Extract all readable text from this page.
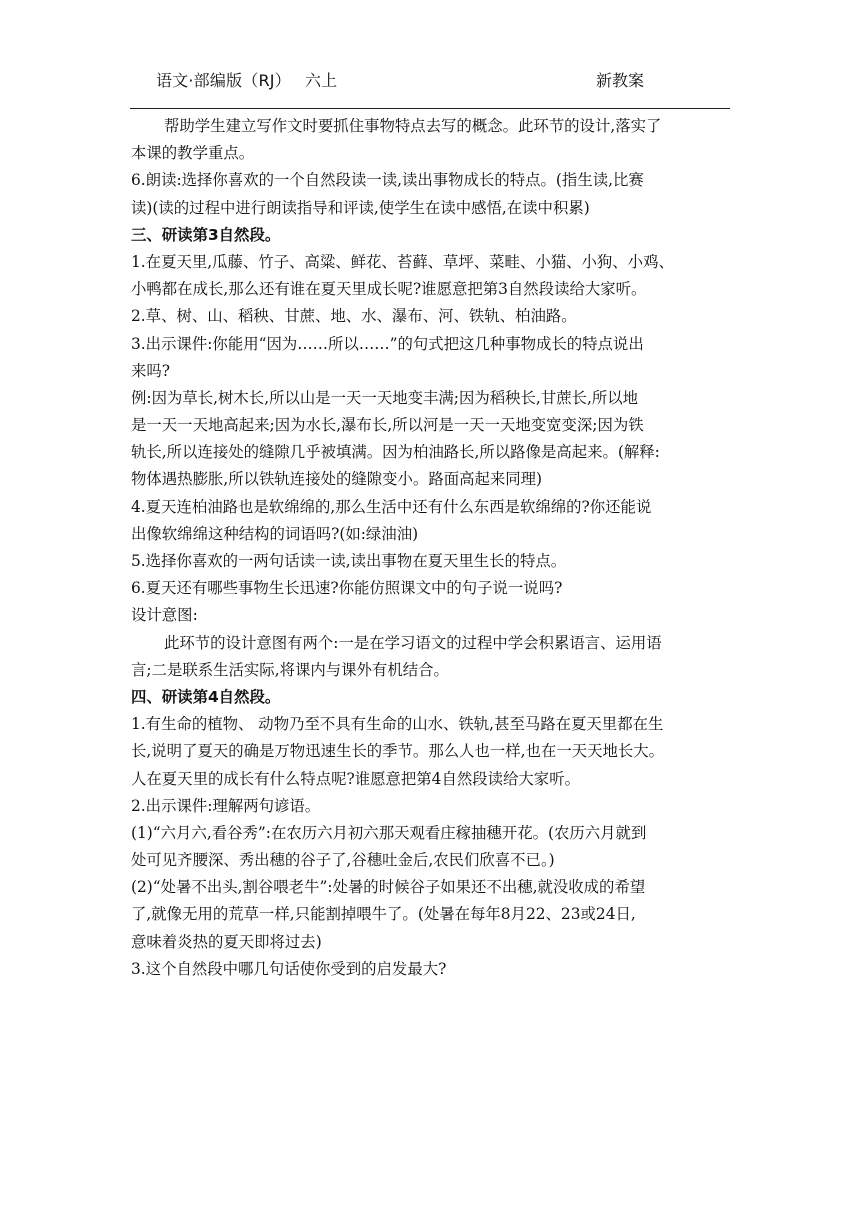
语文·部编版（RJ） 六上	新教案
帮助学生建立写作文时要抓住事物特点去写的概念。此环节的设计,落实了
本课的教学重点。
6.朗读:选择你喜欢的一个自然段读一读,读出事物成长的特点。(指生读,比赛
读)(读的过程中进行朗读指导和评读,使学生在读中感悟,在读中积累)
三、研读第3自然段。
1.在夏天里,瓜藤、竹子、高粱、鲜花、苔藓、草坪、菜畦、小猫、小狗、小鸡、
小鸭都在成长,那么还有谁在夏天里成长呢?谁愿意把第3自然段读给大家听。
2.草、树、山、稻秧、甘蔗、地、水、瀑布、河、铁轨、柏油路。
3.出示课件:你能用“因为……所以……”的句式把这几种事物成长的特点说出
来吗?
例:因为草长,树木长,所以山是一天一天地变丰满;因为稻秧长,甘蔗长,所以地
是一天一天地高起来;因为水长,瀑布长,所以河是一天一天地变宽变深;因为铁
轨长,所以连接处的缝隙几乎被填满。因为柏油路长,所以路像是高起来。(解释:
物体遇热膨胀,所以铁轨连接处的缝隙变小。路面高起来同理)
4.夏天连柏油路也是软绵绵的,那么生活中还有什么东西是软绵绵的?你还能说
出像软绵绵这种结构的词语吗?(如:绿油油)
5.选择你喜欢的一两句话读一读,读出事物在夏天里生长的特点。
6.夏天还有哪些事物生长迅速?你能仿照课文中的句子说一说吗?
设计意图:
此环节的设计意图有两个:一是在学习语文的过程中学会积累语言、运用语
言;二是联系生活实际,将课内与课外有机结合。
四、研读第4自然段。
1.有生命的植物、 动物乃至不具有生命的山水、铁轨,甚至马路在夏天里都在生
长,说明了夏天的确是万物迅速生长的季节。那么人也一样,也在一天天地长大。
人在夏天里的成长有什么特点呢?谁愿意把第4自然段读给大家听。
2.出示课件:理解两句谚语。
(1)“六月六,看谷秀”:在农历六月初六那天观看庄稼抽穗开花。(农历六月就到
处可见齐腰深、秀出穗的谷子了,谷穗吐金后,农民们欣喜不已。)
(2)“处暑不出头,割谷喂老牛”:处暑的时候谷子如果还不出穗,就没收成的希望
了,就像无用的荒草一样,只能割掉喂牛了。(处暑在每年8月22、23或24日,
意味着炎热的夏天即将过去)
3.这个自然段中哪几句话使你受到的启发最大?
